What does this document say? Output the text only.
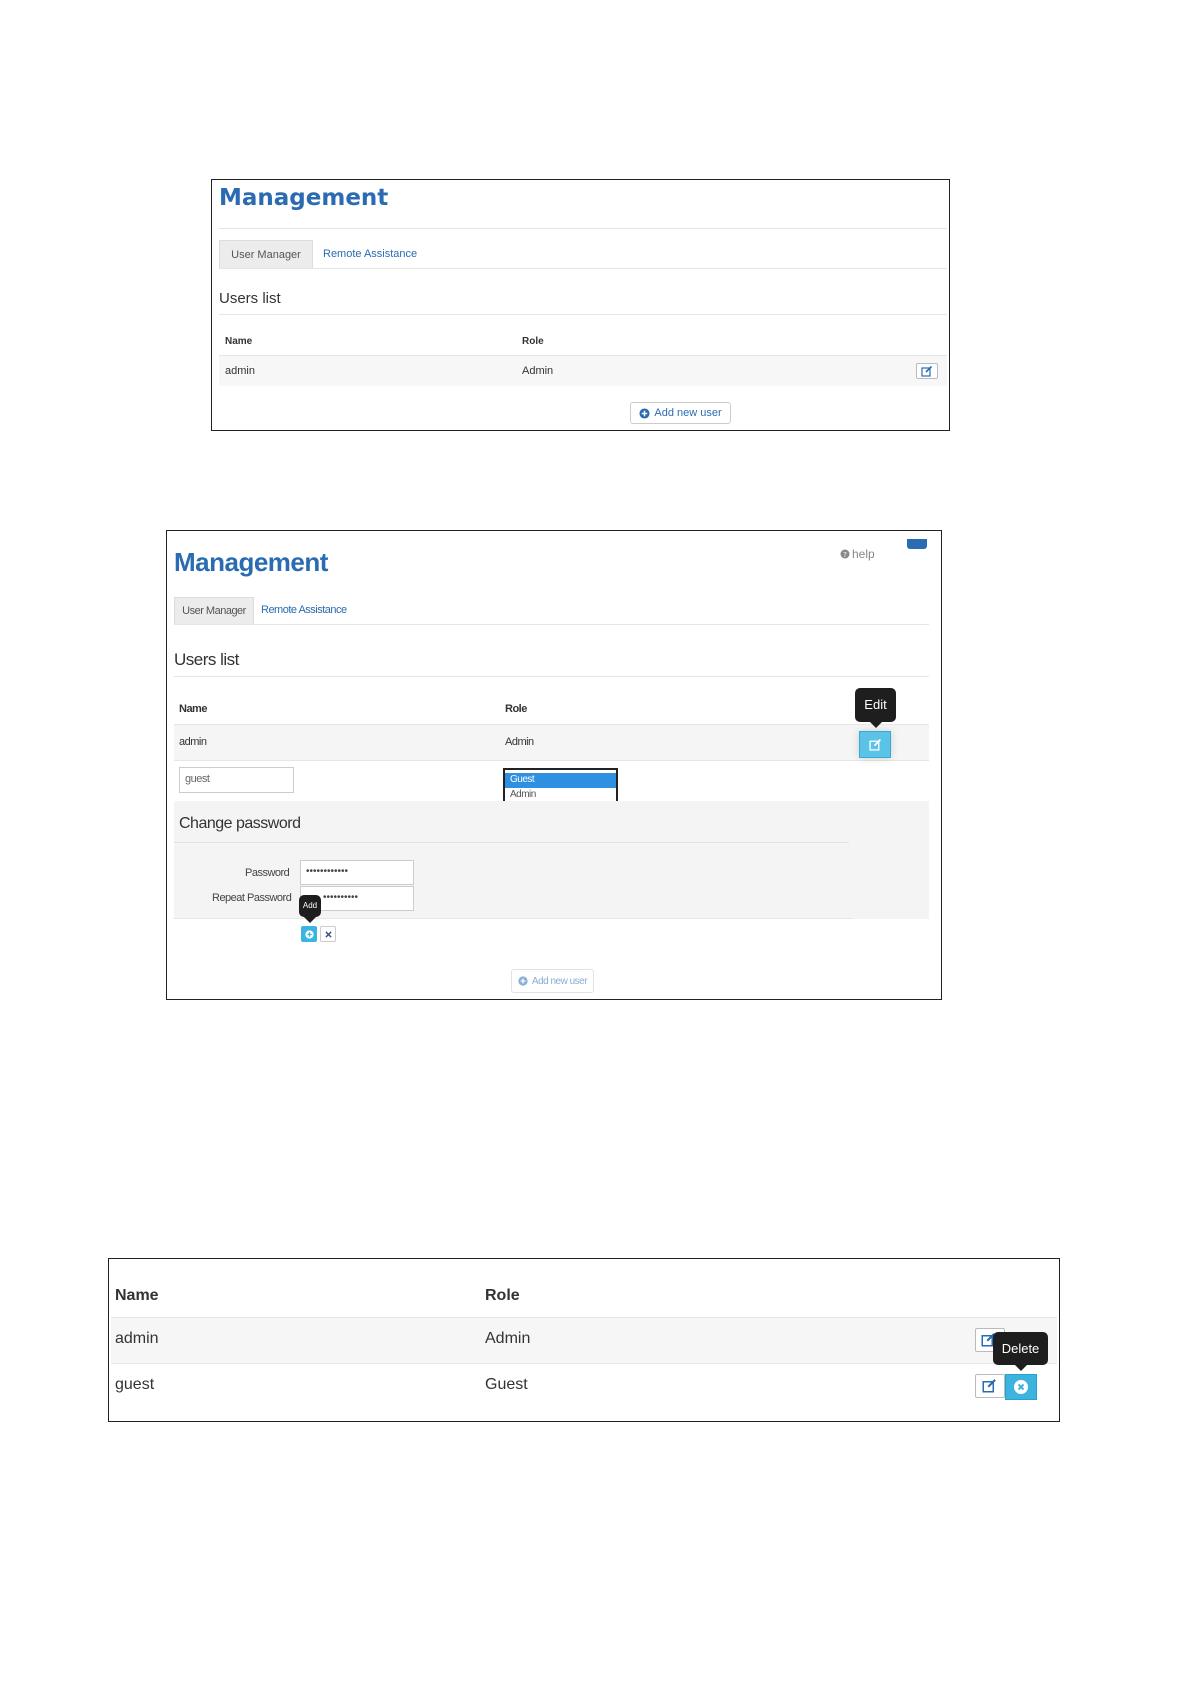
Management
User Manager	Remote Assistance
Users list
Name	Role
admin	Admin
Add new user
Management	? help
User Manager	Remote Assistance
Users list
Name	Role
admin	Admin
Edit
guest	Guest
Admin
Change password
Password	••••••••••••
Repeat Password	••••••••••
Add
Add new user
Name	Role
admin	Admin
guest	Guest
Delete
